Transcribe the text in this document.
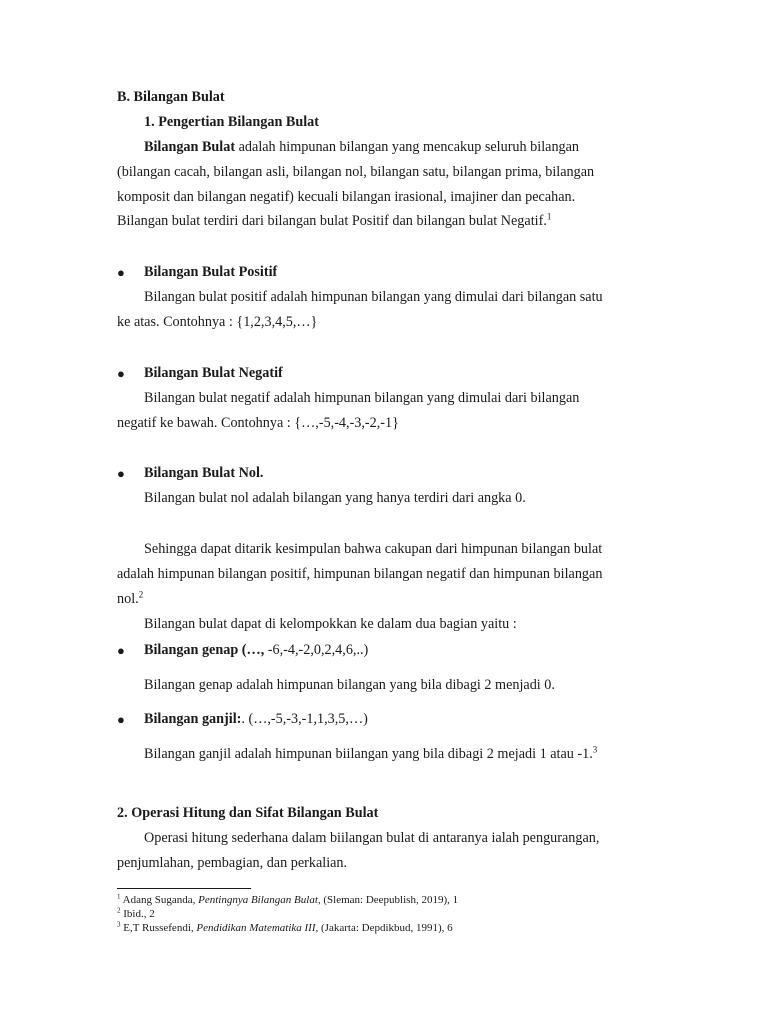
B. Bilangan Bulat
1. Pengertian Bilangan Bulat
Bilangan Bulat adalah himpunan bilangan yang mencakup seluruh bilangan
(bilangan cacah, bilangan asli, bilangan nol, bilangan satu, bilangan prima, bilangan
komposit dan bilangan negatif) kecuali bilangan irasional, imajiner dan pecahan.
Bilangan bulat terdiri dari bilangan bulat Positif dan bilangan bulat Negatif.$^1$
● Bilangan Bulat Positif
Bilangan bulat positif adalah himpunan bilangan yang dimulai dari bilangan satu
ke atas. Contohnya : {1,2,3,4,5,…}
● Bilangan Bulat Negatif
Bilangan bulat negatif adalah himpunan bilangan yang dimulai dari bilangan
negatif ke bawah. Contohnya : {…,-5,-4,-3,-2,-1}
● Bilangan Bulat Nol.
Bilangan bulat nol adalah bilangan yang hanya terdiri dari angka 0.
Sehingga dapat ditarik kesimpulan bahwa cakupan dari himpunan bilangan bulat
adalah himpunan bilangan positif, himpunan bilangan negatif dan himpunan bilangan
nol.$^2$
Bilangan bulat dapat di kelompokkan ke dalam dua bagian yaitu :
● Bilangan genap (…, -6,-4,-2,0,2,4,6,..)
Bilangan genap adalah himpunan bilangan yang bila dibagi 2 menjadi 0.
● Bilangan ganjil:. (…,-5,-3,-1,1,3,5,…)
Bilangan ganjil adalah himpunan biilangan yang bila dibagi 2 mejadi 1 atau -1.$^3$
2. Operasi Hitung dan Sifat Bilangan Bulat
Operasi hitung sederhana dalam biilangan bulat di antaranya ialah pengurangan,
penjumlahan, pembagian, dan perkalian.
$^1$ Adang Suganda, Pentingnya Bilangan Bulat, (Sleman: Deepublish, 2019), 1
$^2$ Ibid., 2
$^3$ E,T Russefendi, Pendidikan Matematika III, (Jakarta: Depdikbud, 1991), 6
